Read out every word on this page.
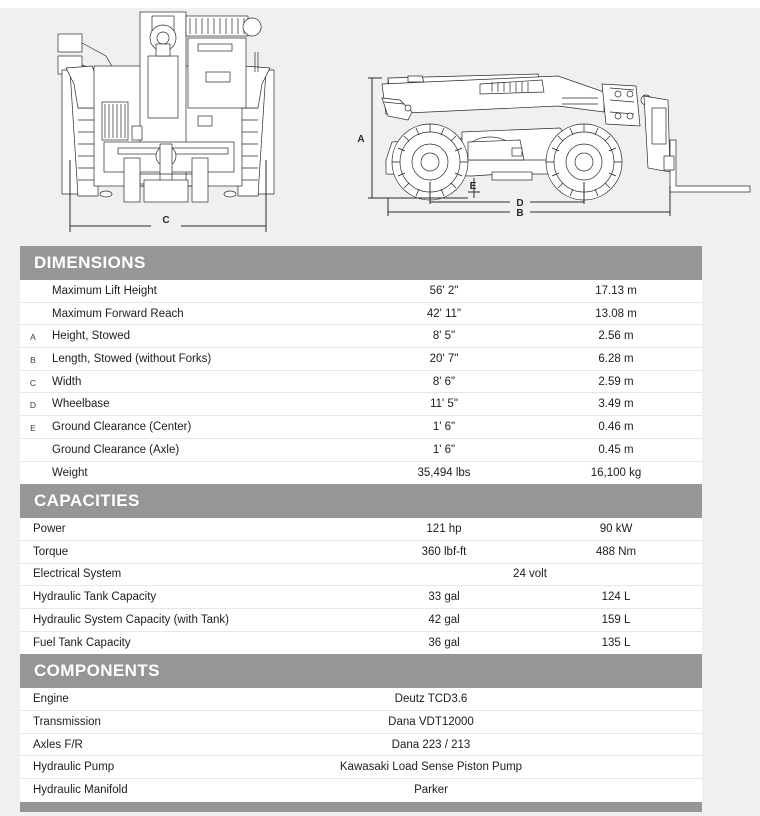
C
A
E
D
B
DIMENSIONS
Maximum Lift Height	56' 2"	17.13 m
Maximum Forward Reach	42' 11"	13.08 m
A	Height, Stowed	8' 5"	2.56 m
B	Length, Stowed (without Forks)	20' 7"	6.28 m
C	Width	8' 6"	2.59 m
D	Wheelbase	11' 5"	3.49 m
E	Ground Clearance (Center)	1' 6"	0.46 m
Ground Clearance (Axle)	1' 6"	0.45 m
Weight	35,494 lbs	16,100 kg
CAPACITIES
Power	121 hp	90 kW
Torque	360 lbf-ft	488 Nm
Electrical System	24 volt
Hydraulic Tank Capacity	33 gal	124 L
Hydraulic System Capacity (with Tank)	42 gal	159 L
Fuel Tank Capacity	36 gal	135 L
COMPONENTS
Engine	Deutz TCD3.6
Transmission	Dana VDT12000
Axles F/R	Dana 223 / 213
Hydraulic Pump	Kawasaki Load Sense Piston Pump
Hydraulic Manifold	Parker
